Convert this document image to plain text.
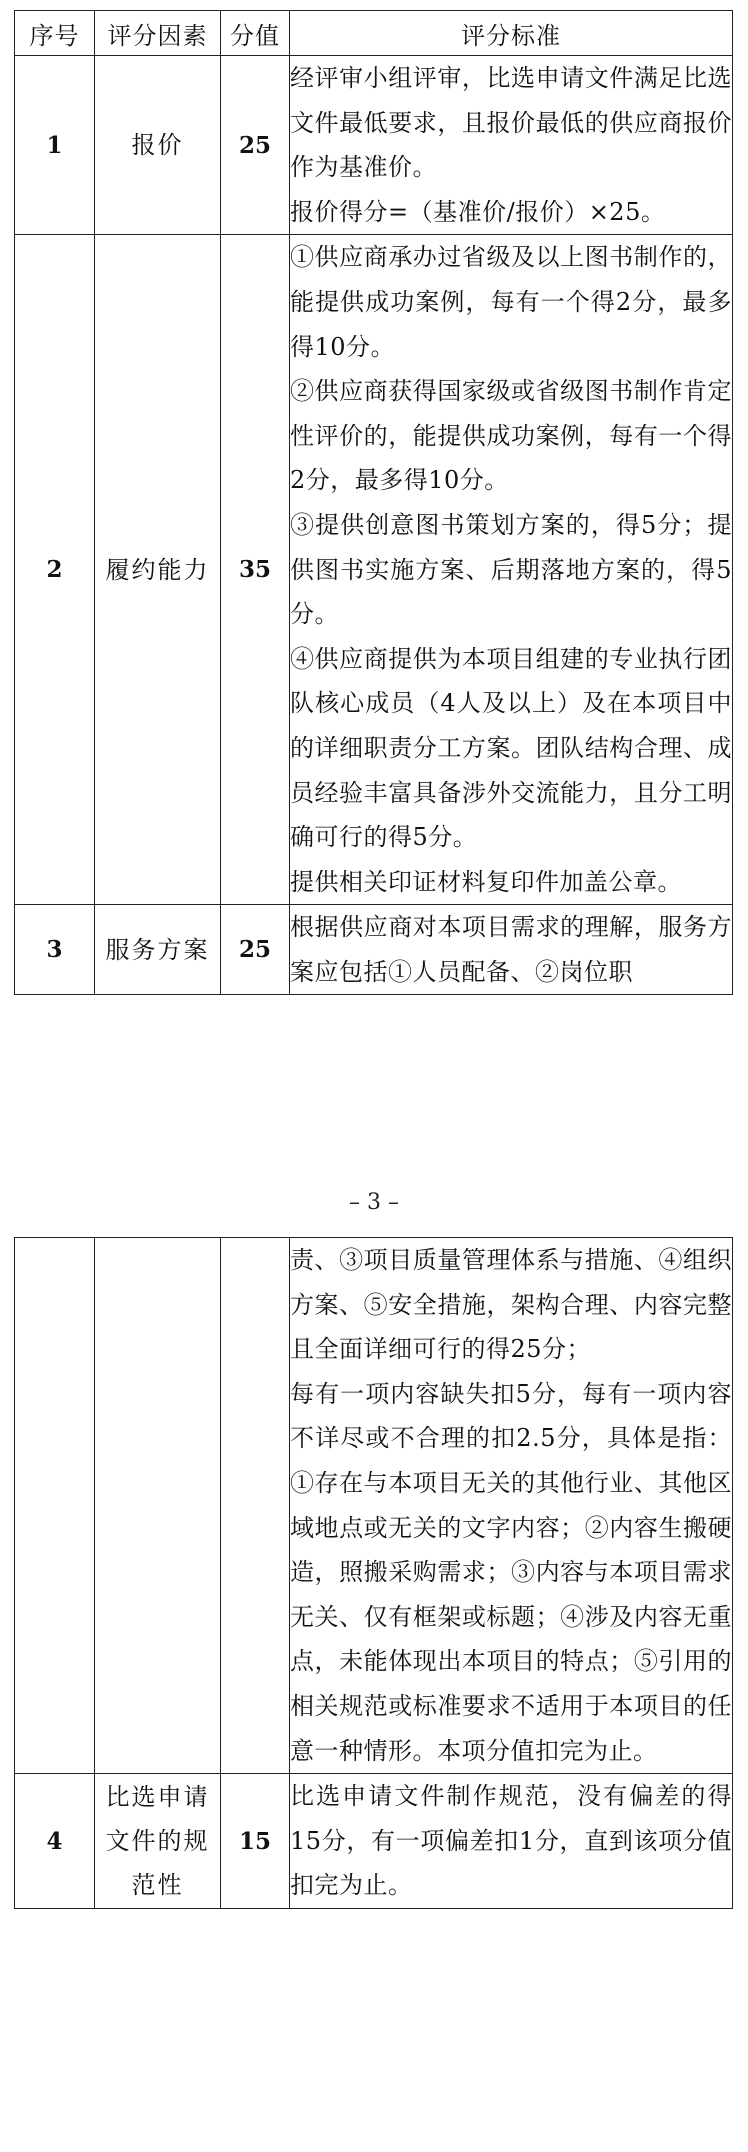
序号	评分因素	分值	评分标准
1	报价	25	经评审小组评审，比选申请文件满足比选文件最低要求，且报价最低的供应商报价作为基准价。
报价得分=（基准价/报价）×25。

2	履约能力	35	①供应商承办过省级及以上图书制作的，能提供成功案例，每有一个得2分，最多得10分。
②供应商获得国家级或省级图书制作肯定性评价的，能提供成功案例，每有一个得2分，最多得10分。
③提供创意图书策划方案的，得5分；提供图书实施方案、后期落地方案的，得5分。
④供应商提供为本项目组建的专业执行团队核心成员（4人及以上）及在本项目中的详细职责分工方案。团队结构合理、成员经验丰富具备涉外交流能力，且分工明确可行的得5分。
提供相关印证材料复印件加盖公章。

3	服务方案	25	根据供应商对本项目需求的理解，服务方案应包括①人员配备、②岗位职
– 3 –

			责、③项目质量管理体系与措施、④组织方案、⑤安全措施，架构合理、内容完整且全面详细可行的得25分；
每有一项内容缺失扣5分，每有一项内容不详尽或不合理的扣2.5分，具体是指：①存在与本项目无关的其他行业、其他区域地点或无关的文字内容；②内容生搬硬造，照搬采购需求；③内容与本项目需求无关、仅有框架或标题；④涉及内容无重点，未能体现出本项目的特点；⑤引用的相关规范或标准要求不适用于本项目的任意一种情形。本项分值扣完为止。

4	比选申请文件的规范性	15	比选申请文件制作规范，没有偏差的得15分，有一项偏差扣1分，直到该项分值扣完为止。
